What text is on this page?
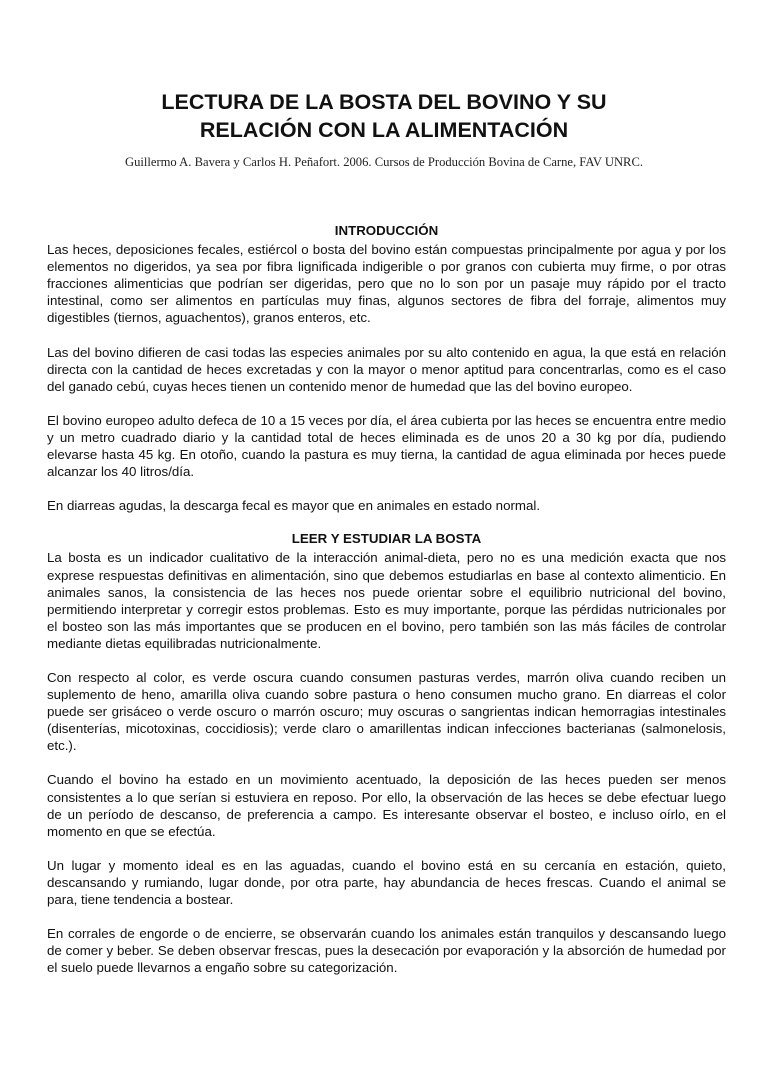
LECTURA DE LA BOSTA DEL BOVINO Y SU
RELACIÓN CON LA ALIMENTACIÓN

Guillermo A. Bavera y Carlos H. Peñafort. 2006. Cursos de Producción Bovina de Carne, FAV UNRC.

INTRODUCCIÓN

Las heces, deposiciones fecales, estiércol o bosta del bovino están compuestas principalmente por agua y por los elementos no digeridos, ya sea por fibra lignificada indigerible o por granos con cubierta muy firme, o por otras fracciones alimenticias que podrían ser digeridas, pero que no lo son por un pasaje muy rápido por el tracto intestinal, como ser alimentos en partículas muy finas, algunos sectores de fibra del forraje, alimentos muy digestibles (tiernos, aguachentos), granos enteros, etc.

Las del bovino difieren de casi todas las especies animales por su alto contenido en agua, la que está en relación directa con la cantidad de heces excretadas y con la mayor o menor aptitud para concentrarlas, como es el caso del ganado cebú, cuyas heces tienen un contenido menor de humedad que las del bovino europeo.

El bovino europeo adulto defeca de 10 a 15 veces por día, el área cubierta por las heces se encuentra entre medio y un metro cuadrado diario y la cantidad total de heces eliminada es de unos 20 a 30 kg por día, pudiendo elevarse hasta 45 kg. En otoño, cuando la pastura es muy tierna, la cantidad de agua eliminada por heces puede alcanzar los 40 litros/día.

En diarreas agudas, la descarga fecal es mayor que en animales en estado normal.

LEER Y ESTUDIAR LA BOSTA

La bosta es un indicador cualitativo de la interacción animal-dieta, pero no es una medición exacta que nos exprese respuestas definitivas en alimentación, sino que debemos estudiarlas en base al contexto alimenticio. En animales sanos, la consistencia de las heces nos puede orientar sobre el equilibrio nutricional del bovino, permitiendo interpretar y corregir estos problemas. Esto es muy importante, porque las pérdidas nutricionales por el bosteo son las más importantes que se producen en el bovino, pero también son las más fáciles de controlar mediante dietas equilibradas nutricionalmente.

Con respecto al color, es verde oscura cuando consumen pasturas verdes, marrón oliva cuando reciben un suplemento de heno, amarilla oliva cuando sobre pastura o heno consumen mucho grano. En diarreas el color puede ser grisáceo o verde oscuro o marrón oscuro; muy oscuras o sangrientas indican hemorragias intestinales (disenterías, micotoxinas, coccidiosis); verde claro o amarillentas indican infecciones bacterianas (salmonelosis, etc.).

Cuando el bovino ha estado en un movimiento acentuado, la deposición de las heces pueden ser menos consistentes a lo que serían si estuviera en reposo. Por ello, la observación de las heces se debe efectuar luego de un período de descanso, de preferencia a campo. Es interesante observar el bosteo, e incluso oírlo, en el momento en que se efectúa.

Un lugar y momento ideal es en las aguadas, cuando el bovino está en su cercanía en estación, quieto, descansando y rumiando, lugar donde, por otra parte, hay abundancia de heces frescas. Cuando el animal se para, tiene tendencia a bostear.

En corrales de engorde o de encierre, se observarán cuando los animales están tranquilos y descansando luego de comer y beber. Se deben observar frescas, pues la desecación por evaporación y la absorción de humedad por el suelo puede llevarnos a engaño sobre su categorización.
